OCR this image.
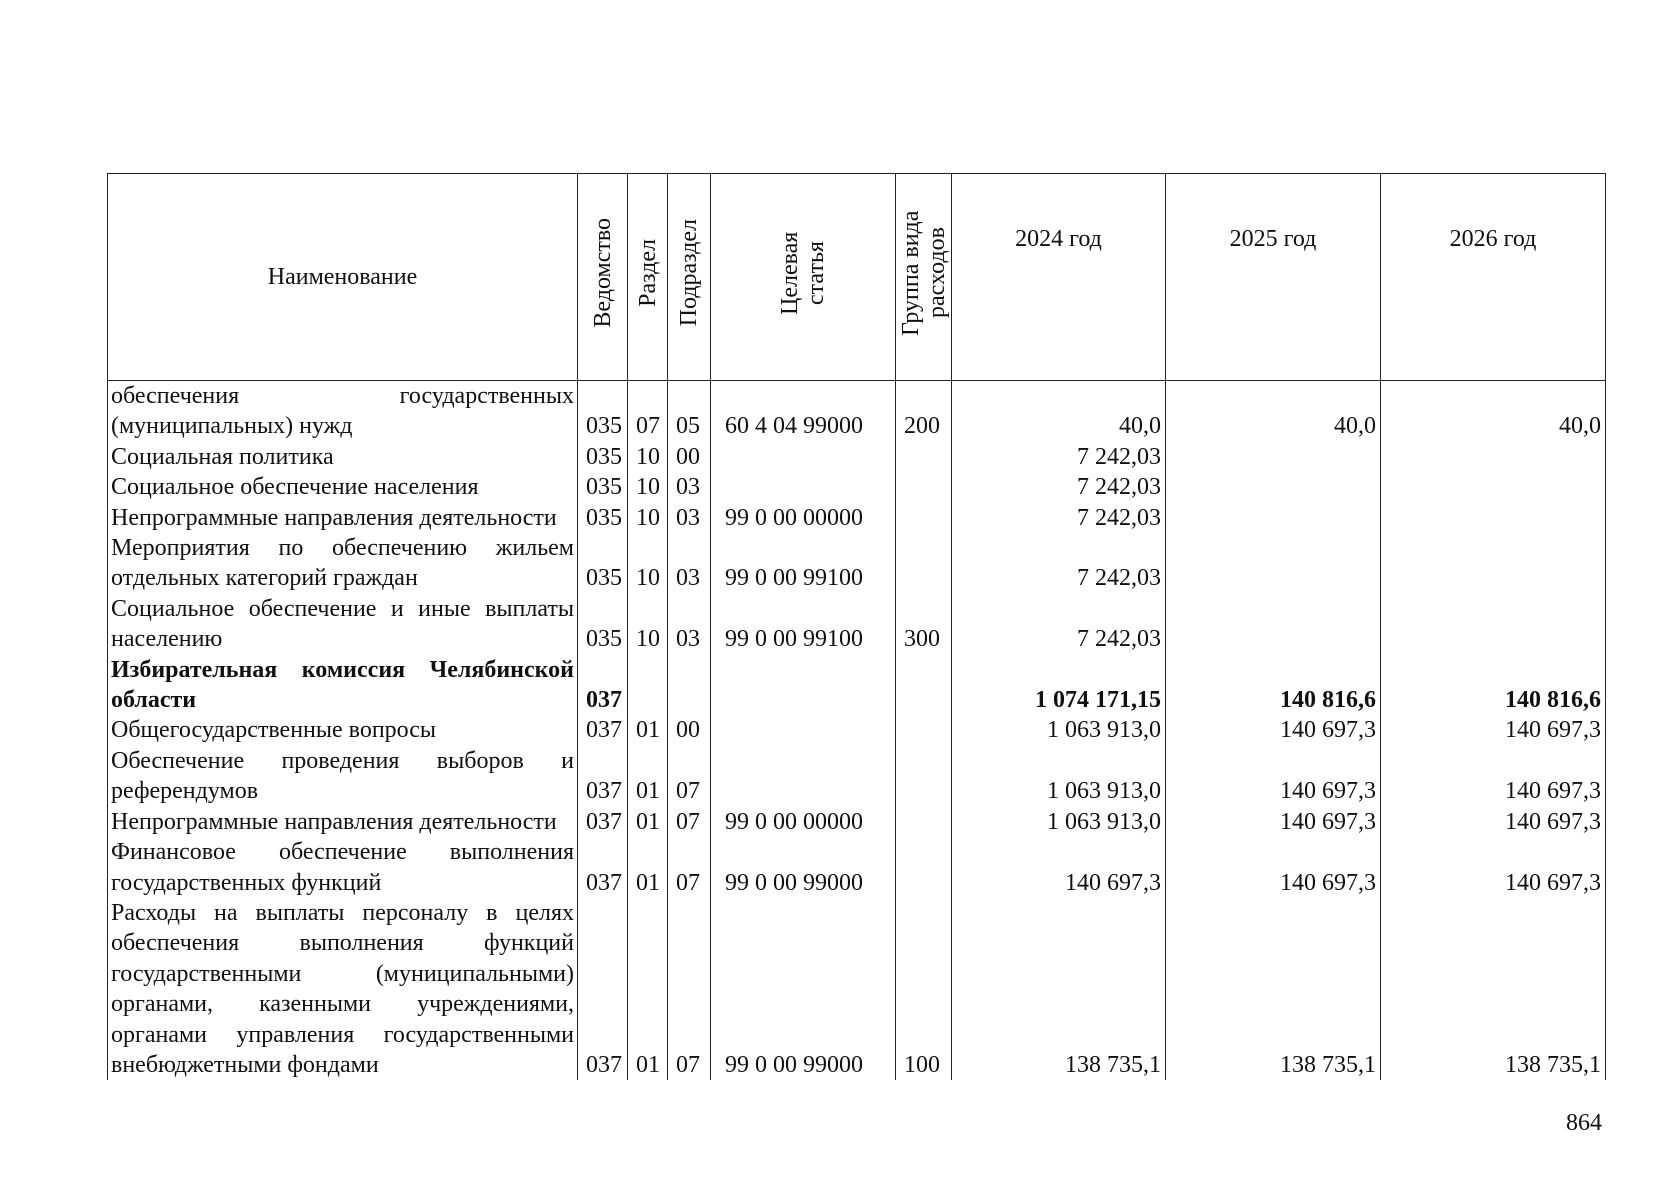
Наименование	Ведомство	Раздел	Подраздел	Целевая статья	Группа вида расходов	2024 год	2025 год	2026 год
обеспечения государственных (муниципальных) нужд	035	07	05	60 4 04 99000	200	40,0	40,0	40,0
Социальная политика	035	10	00			7 242,03		
Социальное обеспечение населения	035	10	03			7 242,03		
Непрограммные направления деятельности	035	10	03	99 0 00 00000		7 242,03		
Мероприятия по обеспечению жильем отдельных категорий граждан	035	10	03	99 0 00 99100		7 242,03		
Социальное обеспечение и иные выплаты населению	035	10	03	99 0 00 99100	300	7 242,03		
Избирательная комиссия Челябинской области	037					1 074 171,15	140 816,6	140 816,6
Общегосударственные вопросы	037	01	00			1 063 913,0	140 697,3	140 697,3
Обеспечение проведения выборов и референдумов	037	01	07			1 063 913,0	140 697,3	140 697,3
Непрограммные направления деятельности	037	01	07	99 0 00 00000		1 063 913,0	140 697,3	140 697,3
Финансовое обеспечение выполнения государственных функций	037	01	07	99 0 00 99000		140 697,3	140 697,3	140 697,3
Расходы на выплаты персоналу в целях обеспечения выполнения функций государственными (муниципальными) органами, казенными учреждениями, органами управления государственными внебюджетными фондами	037	01	07	99 0 00 99000	100	138 735,1	138 735,1	138 735,1
864
